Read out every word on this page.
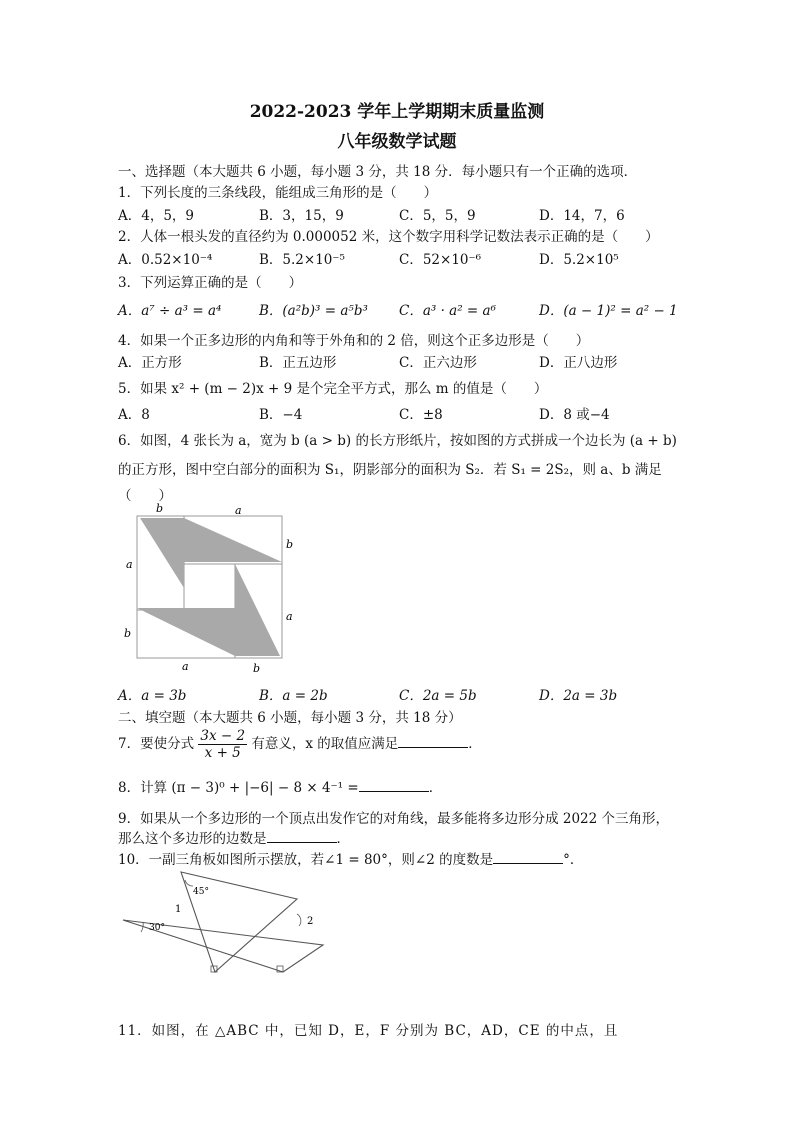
2022-2023 学年上学期期末质量监测
八年级数学试题
一、选择题（本大题共 6 小题，每小题 3 分，共 18 分．每小题只有一个正确的选项．
1．下列长度的三条线段，能组成三角形的是（　　）
A．4，5，9	B．3，15，9	C．5，5，9	D．14，7，6
2．人体一根头发的直径约为 0.000052 米，这个数字用科学记数法表示正确的是（　　）
A．0.52×10⁻⁴	B．5.2×10⁻⁵	C．52×10⁻⁶	D．5.2×10⁵
3．下列运算正确的是（　　）
A．a⁷ ÷ a³ = a⁴	B．(a²b)³ = a⁵b³ C．a³ · a² = a⁶	D．(a − 1)² = a² − 1
4．如果一个正多边形的内角和等于外角和的 2 倍，则这个正多边形是（　　）
A．正方形	B．正五边形	C．正六边形	D．正八边形
5．如果 x² + (m − 2)x + 9 是个完全平方式，那么 m 的值是（　　）
A．8	B．−4	C．±8	D．8 或−4
6．如图，4 张长为 a，宽为 b (a > b) 的长方形纸片，按如图的方式拼成一个边长为 (a + b)
的正方形，图中空白部分的面积为 S₁，阴影部分的面积为 S₂．若 S₁ = 2S₂，则 a、b 满足
（　　）
b	a
b
a
a
b
a	b
A．a = 3b	B．a = 2b	C．2a = 5b	D．2a = 3b
二、填空题（本大题共 6 小题，每小题 3 分，共 18 分）
7．要使分式 $\frac{3x - 2}{x + 5}$ 有意义，x 的取值应满足	．
8．计算 (π − 3)⁰ + |−6| − 8 × 4⁻¹ =	．
9．如果从一个多边形的一个顶点出发作它的对角线，最多能将多边形分成 2022 个三角形，
那么这个多边形的边数是	．
10．一副三角板如图所示摆放，若∠1 = 80°，则∠2 的度数是	°．
45°
30°
1
2
11．如图，在 △ABC 中，已知 D，E，F 分别为 BC，AD，CE 的中点，且
